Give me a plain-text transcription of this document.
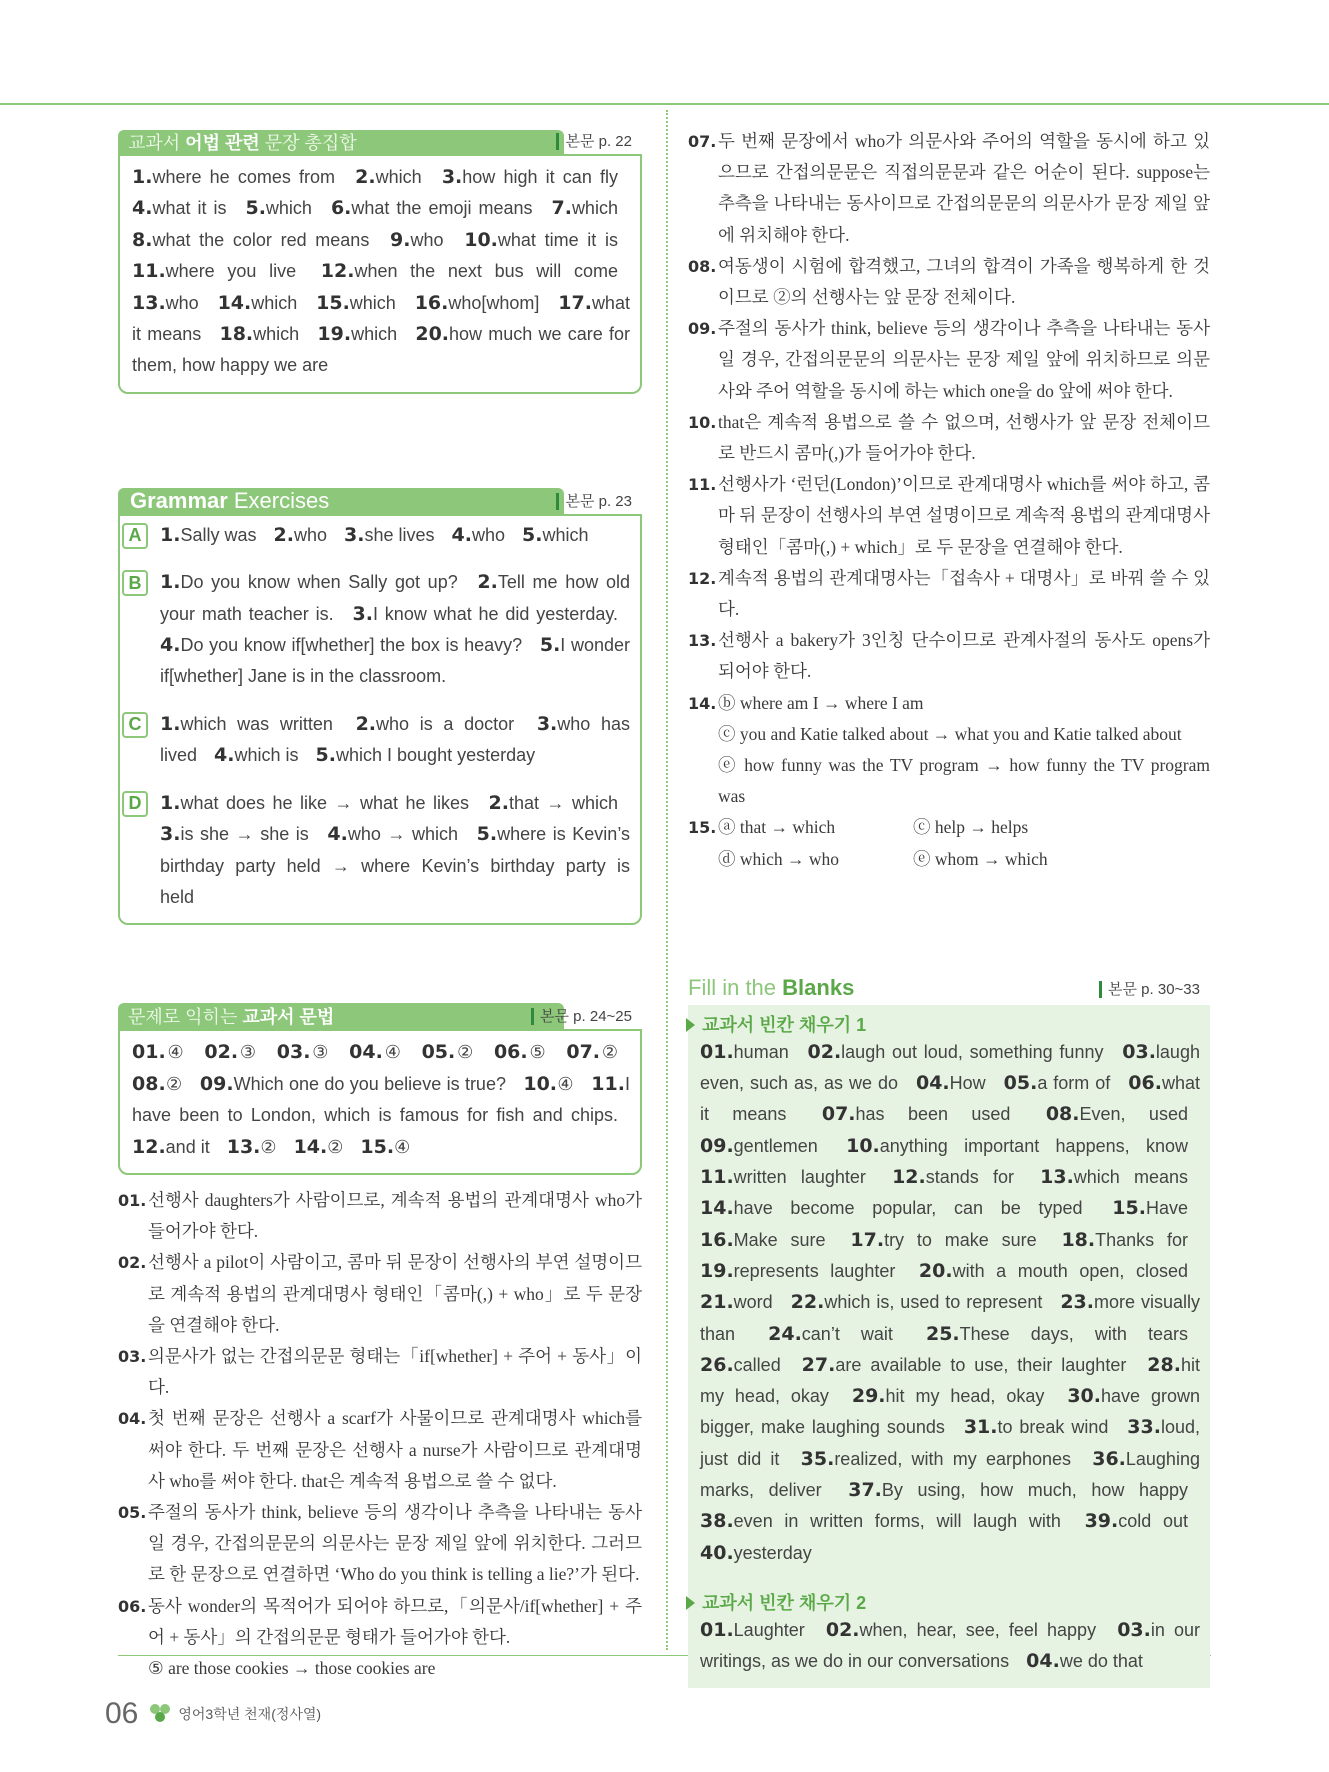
교과서
어법 관련
문장 총집합	본문 p. 22
1.where he comes from 2.which 3.how high it can fly 4.what it is 5.which 6.what the emoji means 7.which 8.what the color red means 9.who 10.what time it is 11.where you live 12.when the next bus will come 13.who 14.which 15.which 16.who[whom] 17.what it means 18.which 19.which 20.how much we care for them, how happy we are
Grammar Exercises	본문 p. 23
A 1.Sally was 2.who 3.she lives 4.who 5.which
B 1.Do you know when Sally got up? 2.Tell me how old your math teacher is. 3.I know what he did yesterday. 4.Do you know if[whether] the box is heavy? 5.I wonder if[whether] Jane is in the classroom.
C 1.which was written 2.who is a doctor 3.who has lived 4.which is 5.which I bought yesterday
D 1.what does he like → what he likes 2.that → which 3.is she → she is 4.who → which 5.where is Kevin’s birthday party held → where Kevin’s birthday party is held
문제로 익히는
교과서 문법	본문 p. 24~25
01.④ 02.③ 03.③ 04.④ 05.② 06.⑤ 07.② 08.② 09.Which one do you believe is true? 10.④ 11.I have been to London, which is famous for fish and chips. 12.and it 13.② 14.② 15.④
01. 선행사 daughters가 사람이므로, 계속적 용법의 관계대명사 who가 들어가야 한다.
02. 선행사 a pilot이 사람이고, 콤마 뒤 문장이 선행사의 부연 설명이므로 계속적 용법의 관계대명사 형태인「콤마(,) + who」로 두 문장을 연결해야 한다.
03. 의문사가 없는 간접의문문 형태는「if[whether] + 주어 + 동사」이다.
04. 첫 번째 문장은 선행사 a scarf가 사물이므로 관계대명사 which를 써야 한다. 두 번째 문장은 선행사 a nurse가 사람이므로 관계대명사 who를 써야 한다. that은 계속적 용법으로 쓸 수 없다.
05. 주절의 동사가 think, believe 등의 생각이나 추측을 나타내는 동사일 경우, 간접의문문의 의문사는 문장 제일 앞에 위치한다. 그러므로 한 문장으로 연결하면 ‘Who do you think is telling a lie?’가 된다.
06. 동사 wonder의 목적어가 되어야 하므로,「의문사/if[whether] + 주어 + 동사」의 간접의문문 형태가 들어가야 한다.
⑤ are those cookies → those cookies are
07. 두 번째 문장에서 who가 의문사와 주어의 역할을 동시에 하고 있으므로 간접의문문은 직접의문문과 같은 어순이 된다. suppose는 추측을 나타내는 동사이므로 간접의문문의 의문사가 문장 제일 앞에 위치해야 한다.
08. 여동생이 시험에 합격했고, 그녀의 합격이 가족을 행복하게 한 것이므로 ②의 선행사는 앞 문장 전체이다.
09. 주절의 동사가 think, believe 등의 생각이나 추측을 나타내는 동사일 경우, 간접의문문의 의문사는 문장 제일 앞에 위치하므로 의문사와 주어 역할을 동시에 하는 which one을 do 앞에 써야 한다.
10. that은 계속적 용법으로 쓸 수 없으며, 선행사가 앞 문장 전체이므로 반드시 콤마(,)가 들어가야 한다.
11. 선행사가 ‘런던(London)’이므로 관계대명사 which를 써야 하고, 콤마 뒤 문장이 선행사의 부연 설명이므로 계속적 용법의 관계대명사 형태인「콤마(,) + which」로 두 문장을 연결해야 한다.
12. 계속적 용법의 관계대명사는「접속사 + 대명사」로 바꿔 쓸 수 있다.
13. 선행사 a bakery가 3인칭 단수이므로 관계사절의 동사도 opens가 되어야 한다.
14. ⓑ where am I → where I am
ⓒ you and Katie talked about → what you and Katie talked about
ⓔ how funny was the TV program → how funny the TV program was
15. ⓐ that → which	ⓒ help → helps
ⓓ which → who	ⓔ whom → which
Fill in the Blanks	본문 p. 30~33
교과서 빈칸 채우기 1
01.human 02.laugh out loud, something funny 03.laugh even, such as, as we do 04.How 05.a form of 06.what it means 07.has been used 08.Even, used 09.gentlemen 10.anything important happens, know 11.written laughter 12.stands for 13.which means 14.have become popular, can be typed 15.Have 16.Make sure 17.try to make sure 18.Thanks for 19.represents laughter 20.with a mouth open, closed 21.word 22.which is, used to represent 23.more visually than 24.can’t wait 25.These days, with tears 26.called 27.are available to use, their laughter 28.hit my head, okay 29.hit my head, okay 30.have grown bigger, make laughing sounds 31.to break wind 33.loud, just did it 35.realized, with my earphones 36.Laughing marks, deliver 37.By using, how much, how happy 38.even in written forms, will laugh with 39.cold out 40.yesterday
교과서 빈칸 채우기 2
01.Laughter 02.when, hear, see, feel happy 03.in our writings, as we do in our conversations 04.we do that
06	영어3학년 천재(정사열)
